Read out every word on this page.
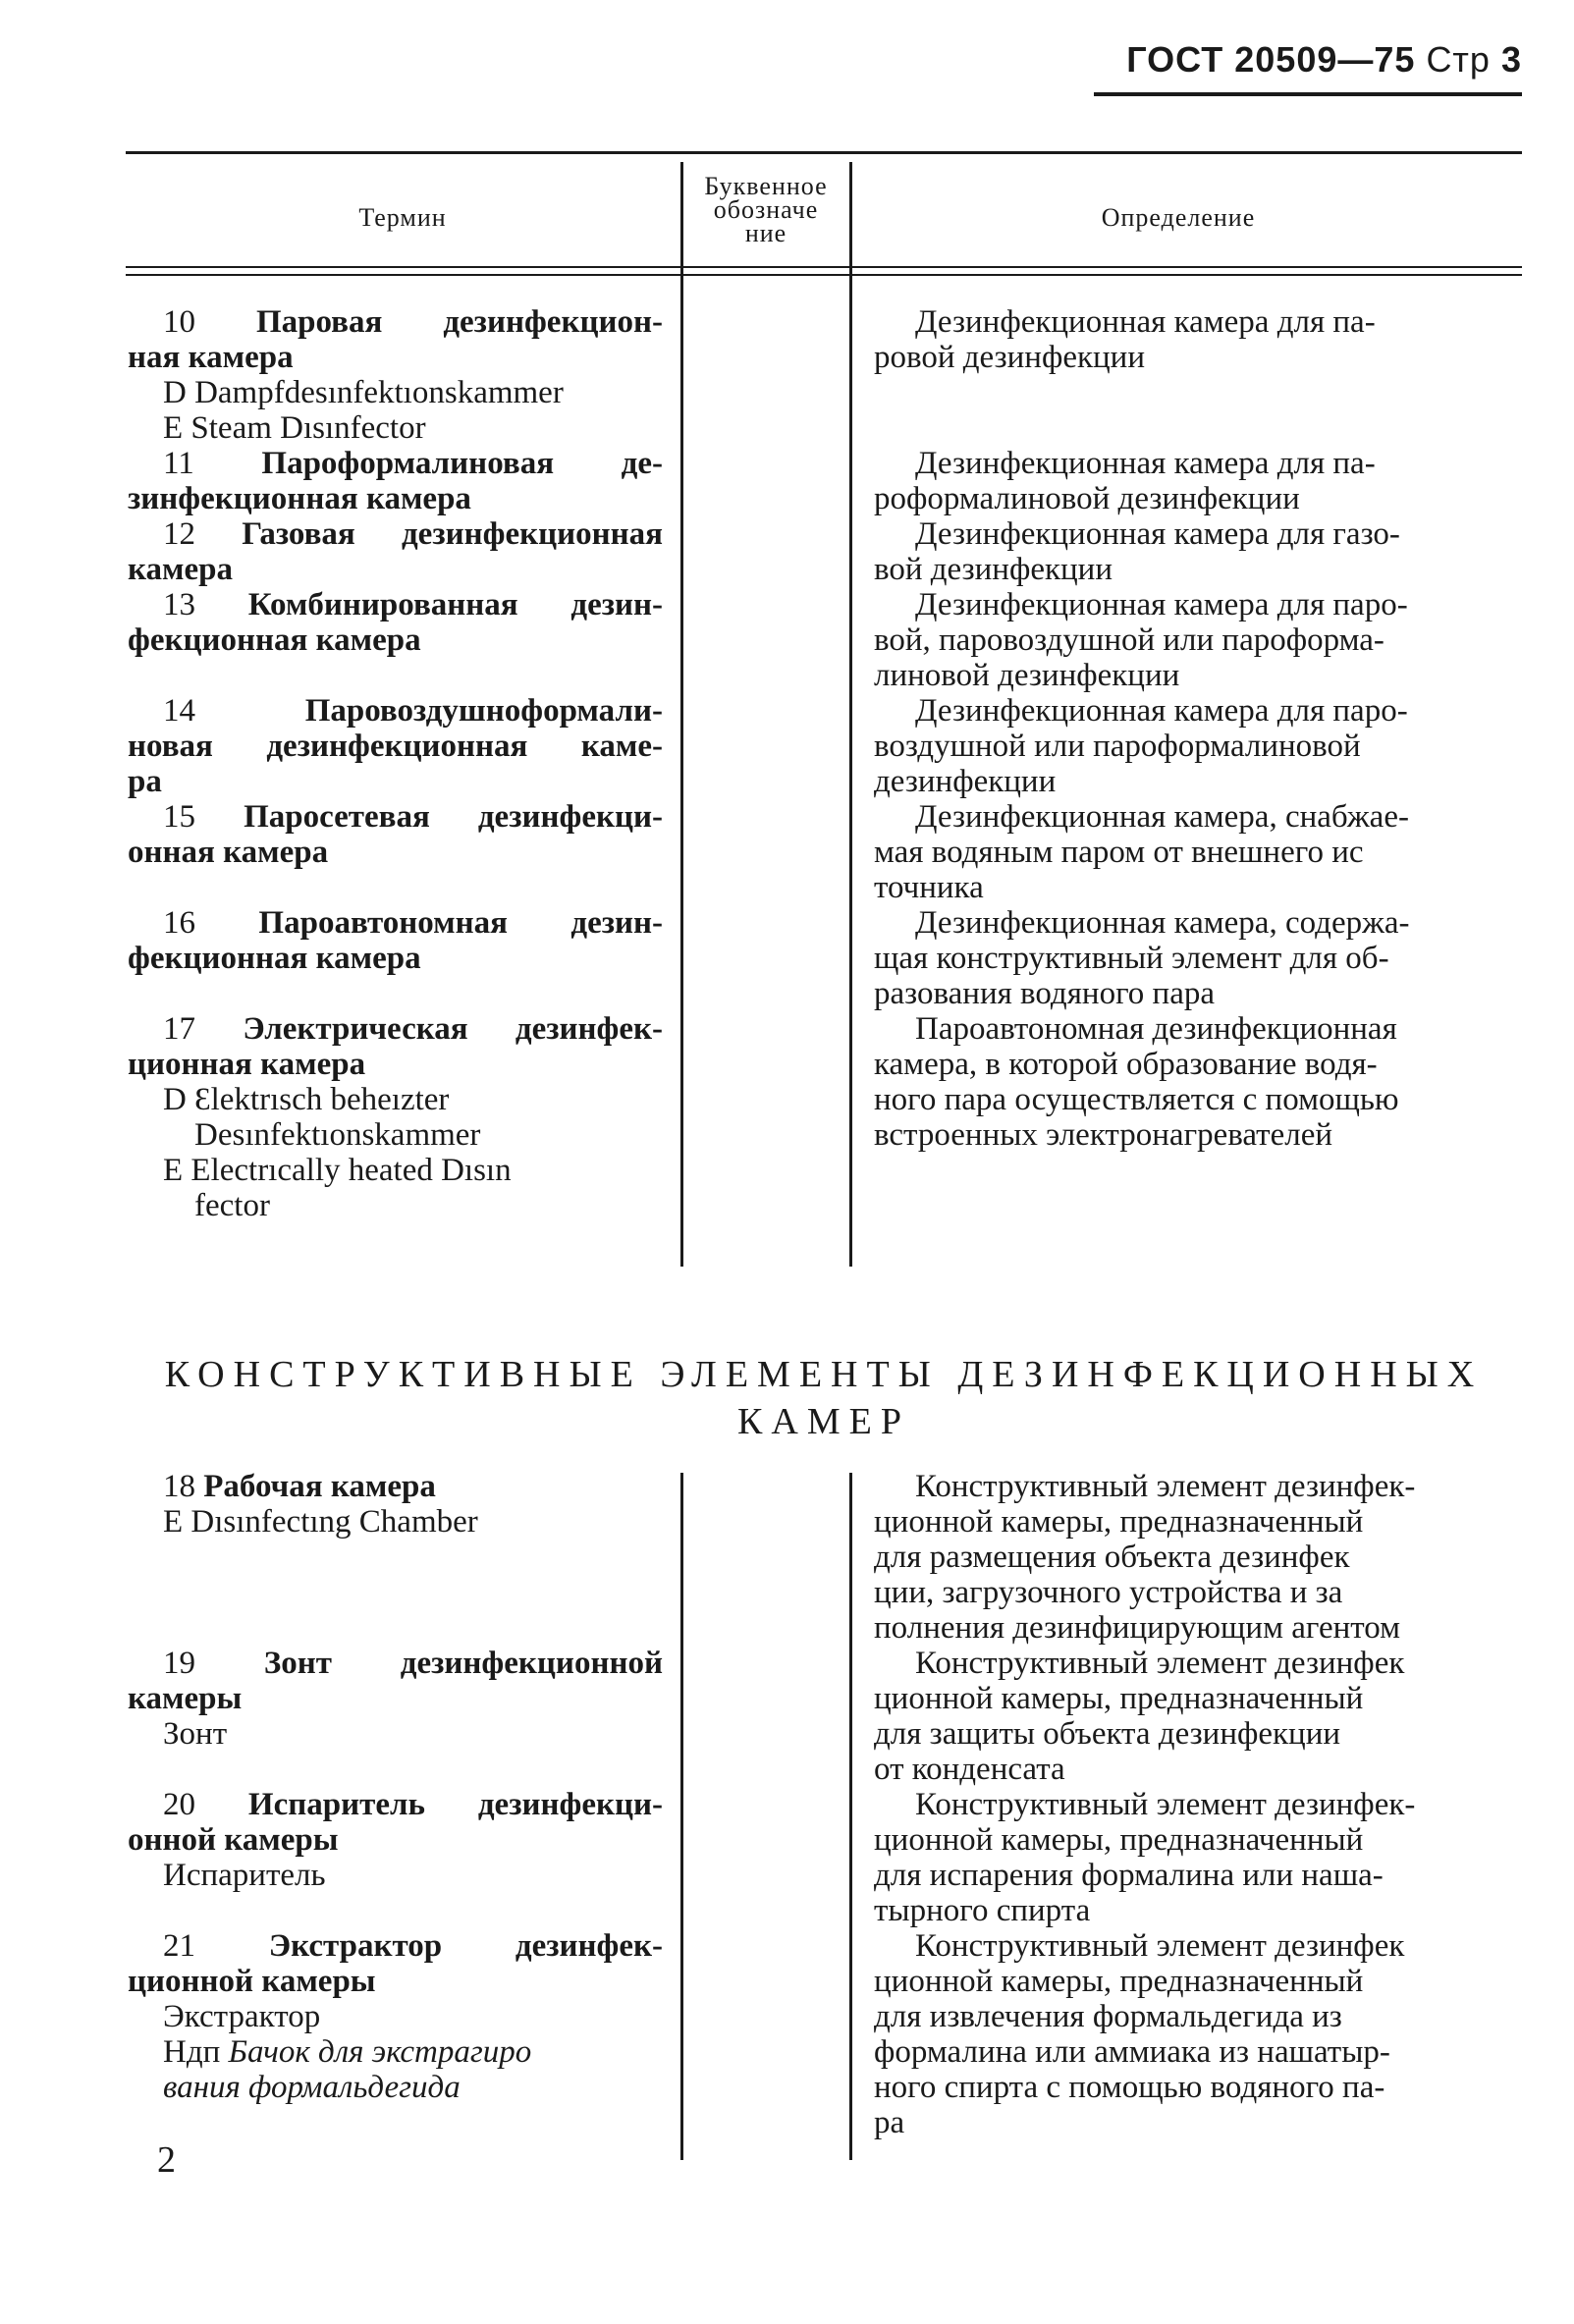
ГОСТ 20509—75 Стр 3
Термин
Буквенное
обозначе
ние
Определение

10 Паровая дезинфекцион-

ная камера

D Dampfdesınfektıonskammer

E Steam Dısınfector

11 Пароформалиновая де-

зинфекционная камера

12 Газовая дезинфекционная

камера

13 Комбинированная дезин-

фекционная камера

14	Паровоздушноформали-

новая дезинфекционная каме-

ра

15 Паросетевая дезинфекци-

онная камера

16 Пароавтономная дезин-

фекционная камера

17 Электрическая дезинфек-

ционная камера

D Ɛlektrısch beheızter

Desınfektıonskammer

E Electrıcally heated Dısın

fector

Дезинфекционная камера для па-

ровой дезинфекции

Дезинфекционная камера для па-

роформалиновой дезинфекции

Дезинфекционная камера для газо-

вой дезинфекции

Дезинфекционная камера для паро-

вой, паровоздушной или пароформа-

линовой дезинфекции

Дезинфекционная камера для паро-

воздушной или пароформалиновой

дезинфекции

Дезинфекционная камера, снабжае-

мая водяным паром от внешнего ис

точника

Дезинфекционная камера, содержа-

щая конструктивный элемент для об-

разования водяного пара

Пароавтономная дезинфекционная

камера, в которой образование водя-

ного пара осуществляется с помощью

встроенных электронагревателей

КОНСТРУКТИВНЫЕ ЭЛЕМЕНТЫ ДЕЗИНФЕКЦИОННЫХ
КАМЕР

18 Рабочая камера

E Dısınfectıng Chamber

19 Зонт дезинфекционной

камеры

Зонт

20 Испаритель дезинфекци-

онной камеры

Испаритель

21 Экстрактор дезинфек-

ционной камеры

Экстрактор

Ндп Бачок для экстрагиро

вания формальдегида

Конструктивный элемент дезинфек-

ционной камеры, предназначенный

для размещения объекта дезинфек

ции, загрузочного устройства и за

полнения дезинфицирующим агентом

Конструктивный элемент дезинфек

ционной камеры, предназначенный

для защиты объекта дезинфекции

от конденсата

Конструктивный элемент дезинфек-

ционной камеры, предназначенный

для испарения формалина или наша-

тырного спирта

Конструктивный элемент дезинфек

ционной камеры, предназначенный

для извлечения формальдегида из

формалина или аммиака из нашатыр-

ного спирта с помощью водяного па-

ра

2
